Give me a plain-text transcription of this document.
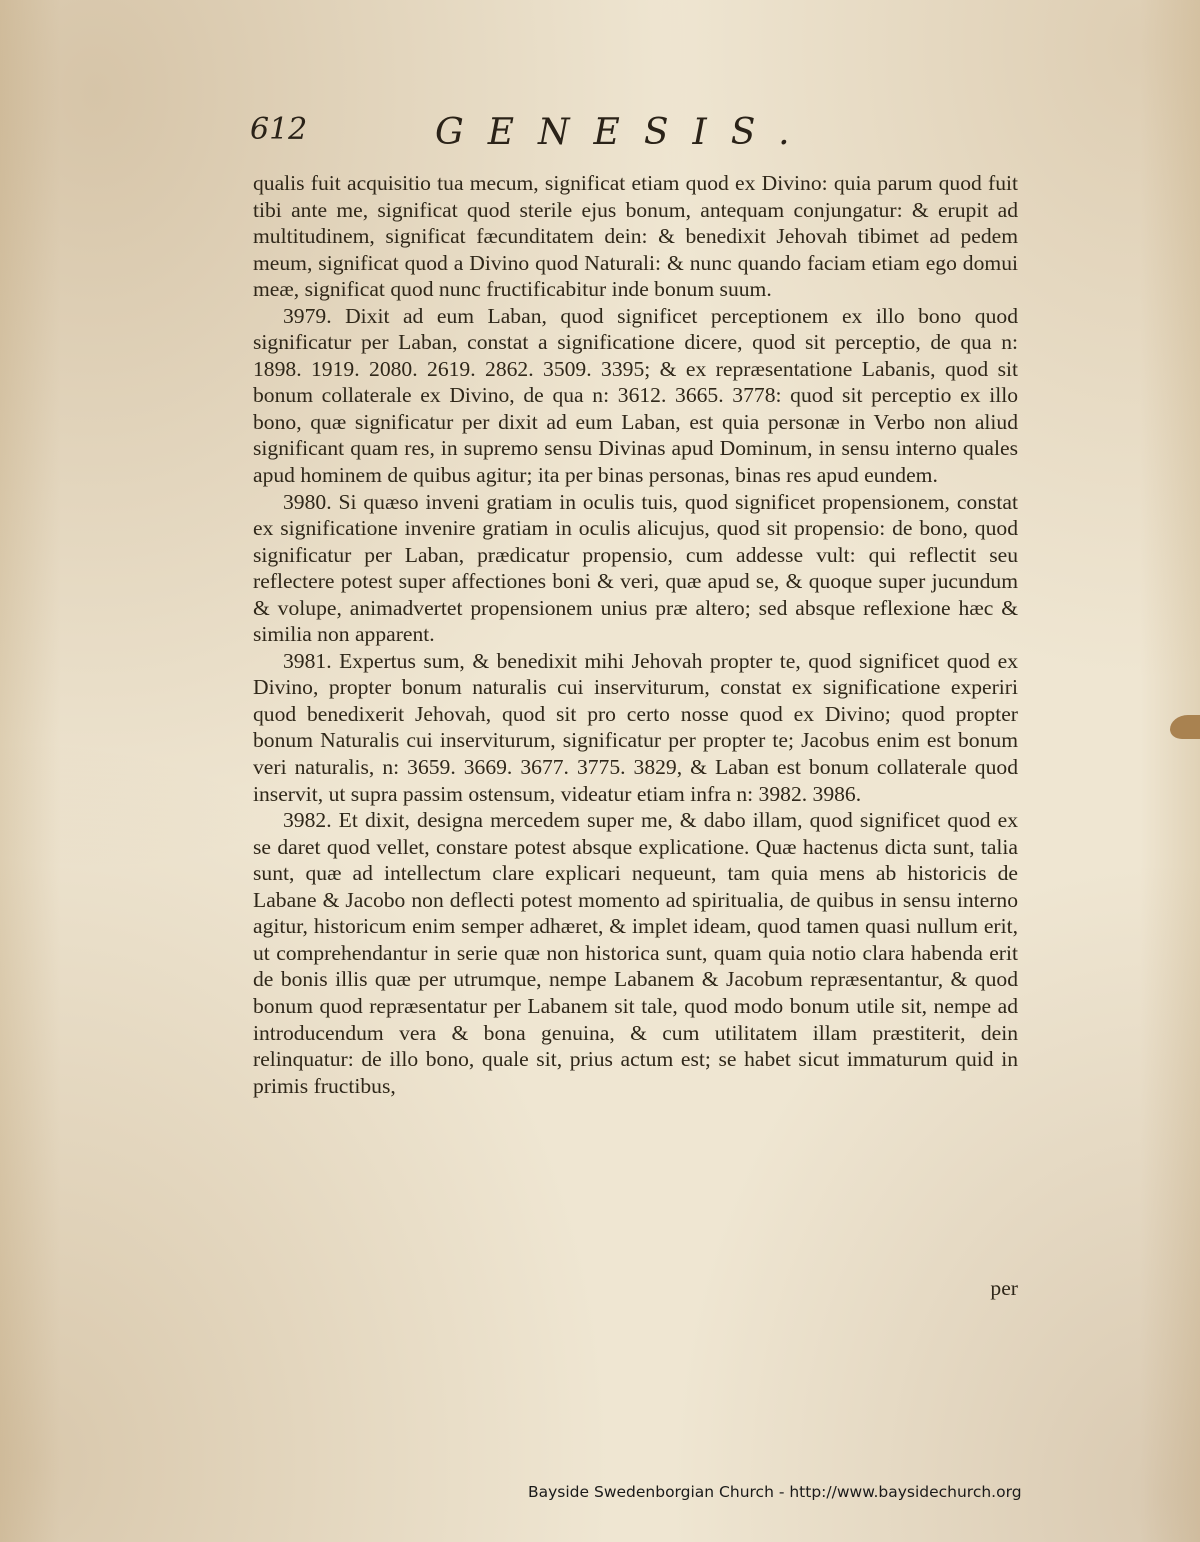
612	GENESIS.

qualis fuit acquisitio tua mecum, significat etiam quod ex Divino: quia parum quod fuit tibi ante me, significat quod sterile ejus bonum, antequam conjungatur: & erupit ad multitudinem, significat fæcunditatem dein: & benedixit Jehovah tibimet ad pedem meum, significat quod a Divino quod Naturali: & nunc quando faciam etiam ego domui meæ, significat quod nunc fructificabitur inde bonum suum.

3979. Dixit ad eum Laban, quod significet perceptionem ex illo bono quod significatur per Laban, constat a significatione dicere, quod sit perceptio, de qua n: 1898. 1919. 2080. 2619. 2862. 3509. 3395; & ex repræsentatione Labanis, quod sit bonum collaterale ex Divino, de qua n: 3612. 3665. 3778: quod sit perceptio ex illo bono, quæ significatur per dixit ad eum Laban, est quia personæ in Verbo non aliud significant quam res, in supremo sensu Divinas apud Dominum, in sensu interno quales apud hominem de quibus agitur; ita per binas personas, binas res apud eundem.

3980. Si quæso inveni gratiam in oculis tuis, quod significet propensionem, constat ex significatione invenire gratiam in oculis alicujus, quod sit propensio: de bono, quod significatur per Laban, prædicatur propensio, cum addesse vult: qui reflectit seu reflectere potest super affectiones boni & veri, quæ apud se, & quoque super jucundum & volupe, animadvertet propensionem unius præ altero; sed absque reflexione hæc & similia non apparent.

3981. Expertus sum, & benedixit mihi Jehovah propter te, quod significet quod ex Divino, propter bonum naturalis cui inserviturum, constat ex significatione experiri quod benedixerit Jehovah, quod sit pro certo nosse quod ex Divino; quod propter bonum Naturalis cui inserviturum, significatur per propter te; Jacobus enim est bonum veri naturalis, n: 3659. 3669. 3677. 3775. 3829, & Laban est bonum collaterale quod inservit, ut supra passim ostensum, videatur etiam infra n: 3982. 3986.

3982. Et dixit, designa mercedem super me, & dabo illam, quod significet quod ex se daret quod vellet, constare potest absque explicatione. Quæ hactenus dicta sunt, talia sunt, quæ ad intellectum clare explicari nequeunt, tam quia mens ab historicis de Labane & Jacobo non deflecti potest momento ad spiritualia, de quibus in sensu interno agitur, historicum enim semper adhæret, & implet ideam, quod tamen quasi nullum erit, ut comprehendantur in serie quæ non historica sunt, quam quia notio clara habenda erit de bonis illis quæ per utrumque, nempe Labanem & Jacobum repræsentantur, & quod bonum quod repræsentatur per Labanem sit tale, quod modo bonum utile sit, nempe ad introducendum vera & bona genuina, & cum utilitatem illam præstiterit, dein relinquatur: de illo bono, quale sit, prius actum est; se habet sicut immaturum quid in primis fructibus,

per
Bayside Swedenborgian Church - http://www.baysidechurch.org
